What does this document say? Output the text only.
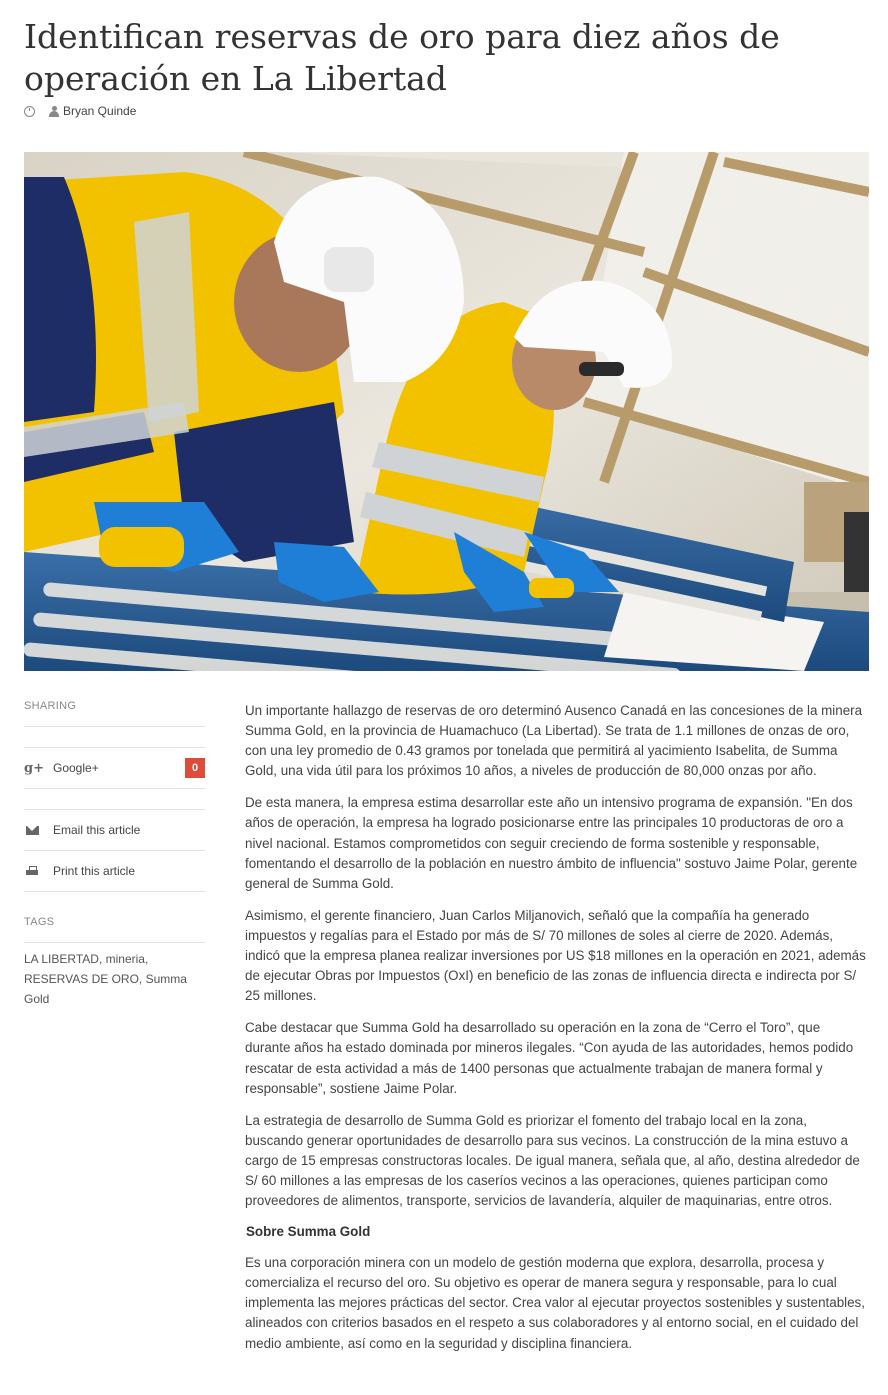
Identifican reservas de oro para diez años de operación en La Libertad
Bryan Quinde
SHARING
g+ Google+	0
Email this article
Print this article
TAGS
LA LIBERTAD, mineria,
RESERVAS DE ORO, Summa Gold

Un importante hallazgo de reservas de oro determinó Ausenco Canadá en las concesiones de la minera Summa Gold, en la provincia de Huamachuco (La Libertad). Se trata de 1.1 millones de onzas de oro, con una ley promedio de 0.43 gramos por tonelada que permitirá al yacimiento Isabelita, de Summa Gold, una vida útil para los próximos 10 años, a niveles de producción de 80,000 onzas por año.

De esta manera, la empresa estima desarrollar este año un intensivo programa de expansión. "En dos años de operación, la empresa ha logrado posicionarse entre las principales 10 productoras de oro a nivel nacional. Estamos comprometidos con seguir creciendo de forma sostenible y responsable, fomentando el desarrollo de la población en nuestro ámbito de influencia" sostuvo Jaime Polar, gerente general de Summa Gold.

Asimismo, el gerente financiero, Juan Carlos Miljanovich, señaló que la compañía ha generado impuestos y regalías para el Estado por más de S/ 70 millones de soles al cierre de 2020. Además, indicó que la empresa planea realizar inversiones por US $18 millones en la operación en 2021, además de ejecutar Obras por Impuestos (OxI) en beneficio de las zonas de influencia directa e indirecta por S/ 25 millones.

Cabe destacar que Summa Gold ha desarrollado su operación en la zona de “Cerro el Toro”, que durante años ha estado dominada por mineros ilegales. “Con ayuda de las autoridades, hemos podido rescatar de esta actividad a más de 1400 personas que actualmente trabajan de manera formal y responsable”, sostiene Jaime Polar.

La estrategia de desarrollo de Summa Gold es priorizar el fomento del trabajo local en la zona, buscando generar oportunidades de desarrollo para sus vecinos. La construcción de la mina estuvo a cargo de 15 empresas constructoras locales. De igual manera, señala que, al año, destina alrededor de S/ 60 millones a las empresas de los caseríos vecinos a las operaciones, quienes participan como proveedores de alimentos, transporte, servicios de lavandería, alquiler de maquinarias, entre otros.

Sobre Summa Gold

Es una corporación minera con un modelo de gestión moderna que explora, desarrolla, procesa y comercializa el recurso del oro. Su objetivo es operar de manera segura y responsable, para lo cual implementa las mejores prácticas del sector. Crea valor al ejecutar proyectos sostenibles y sustentables, alineados con criterios basados en el respeto a sus colaboradores y al entorno social, en el cuidado del medio ambiente, así como en la seguridad y disciplina financiera.
